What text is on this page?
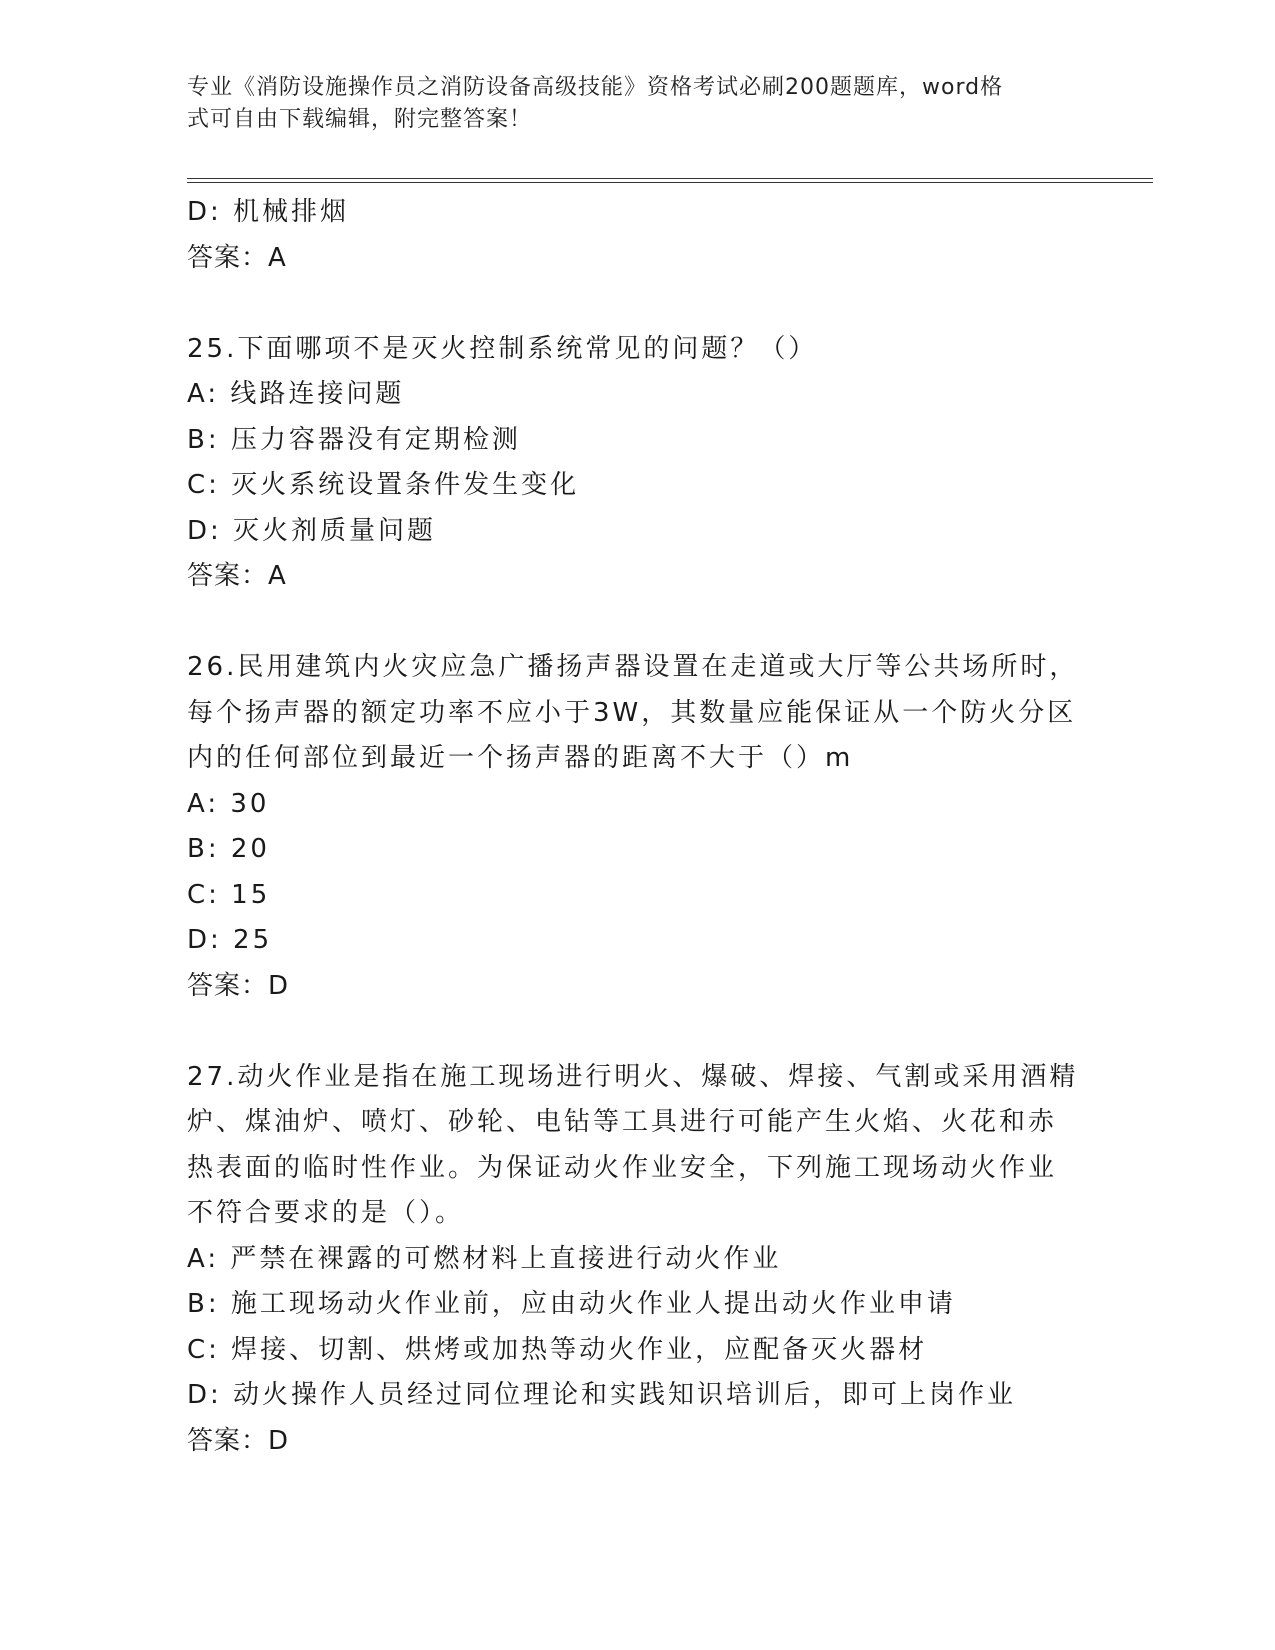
专业《消防设施操作员之消防设备高级技能》资格考试必刷200题题库，word格
式可自由下载编辑，附完整答案！
D: 机械排烟
答案：A
25.下面哪项不是灭火控制系统常见的问题？（）
A: 线路连接问题
B: 压力容器没有定期检测
C: 灭火系统设置条件发生变化
D: 灭火剂质量问题
答案：A
26.民用建筑内火灾应急广播扬声器设置在走道或大厅等公共场所时，
每个扬声器的额定功率不应小于3W，其数量应能保证从一个防火分区
内的任何部位到最近一个扬声器的距离不大于（）m
A: 30
B: 20
C: 15
D: 25
答案：D
27.动火作业是指在施工现场进行明火、爆破、焊接、气割或采用酒精
炉、煤油炉、喷灯、砂轮、电钻等工具进行可能产生火焰、火花和赤
热表面的临时性作业。为保证动火作业安全，下列施工现场动火作业
不符合要求的是（）。
A: 严禁在裸露的可燃材料上直接进行动火作业
B: 施工现场动火作业前，应由动火作业人提出动火作业申请
C: 焊接、切割、烘烤或加热等动火作业，应配备灭火器材
D: 动火操作人员经过同位理论和实践知识培训后，即可上岗作业
答案：D
